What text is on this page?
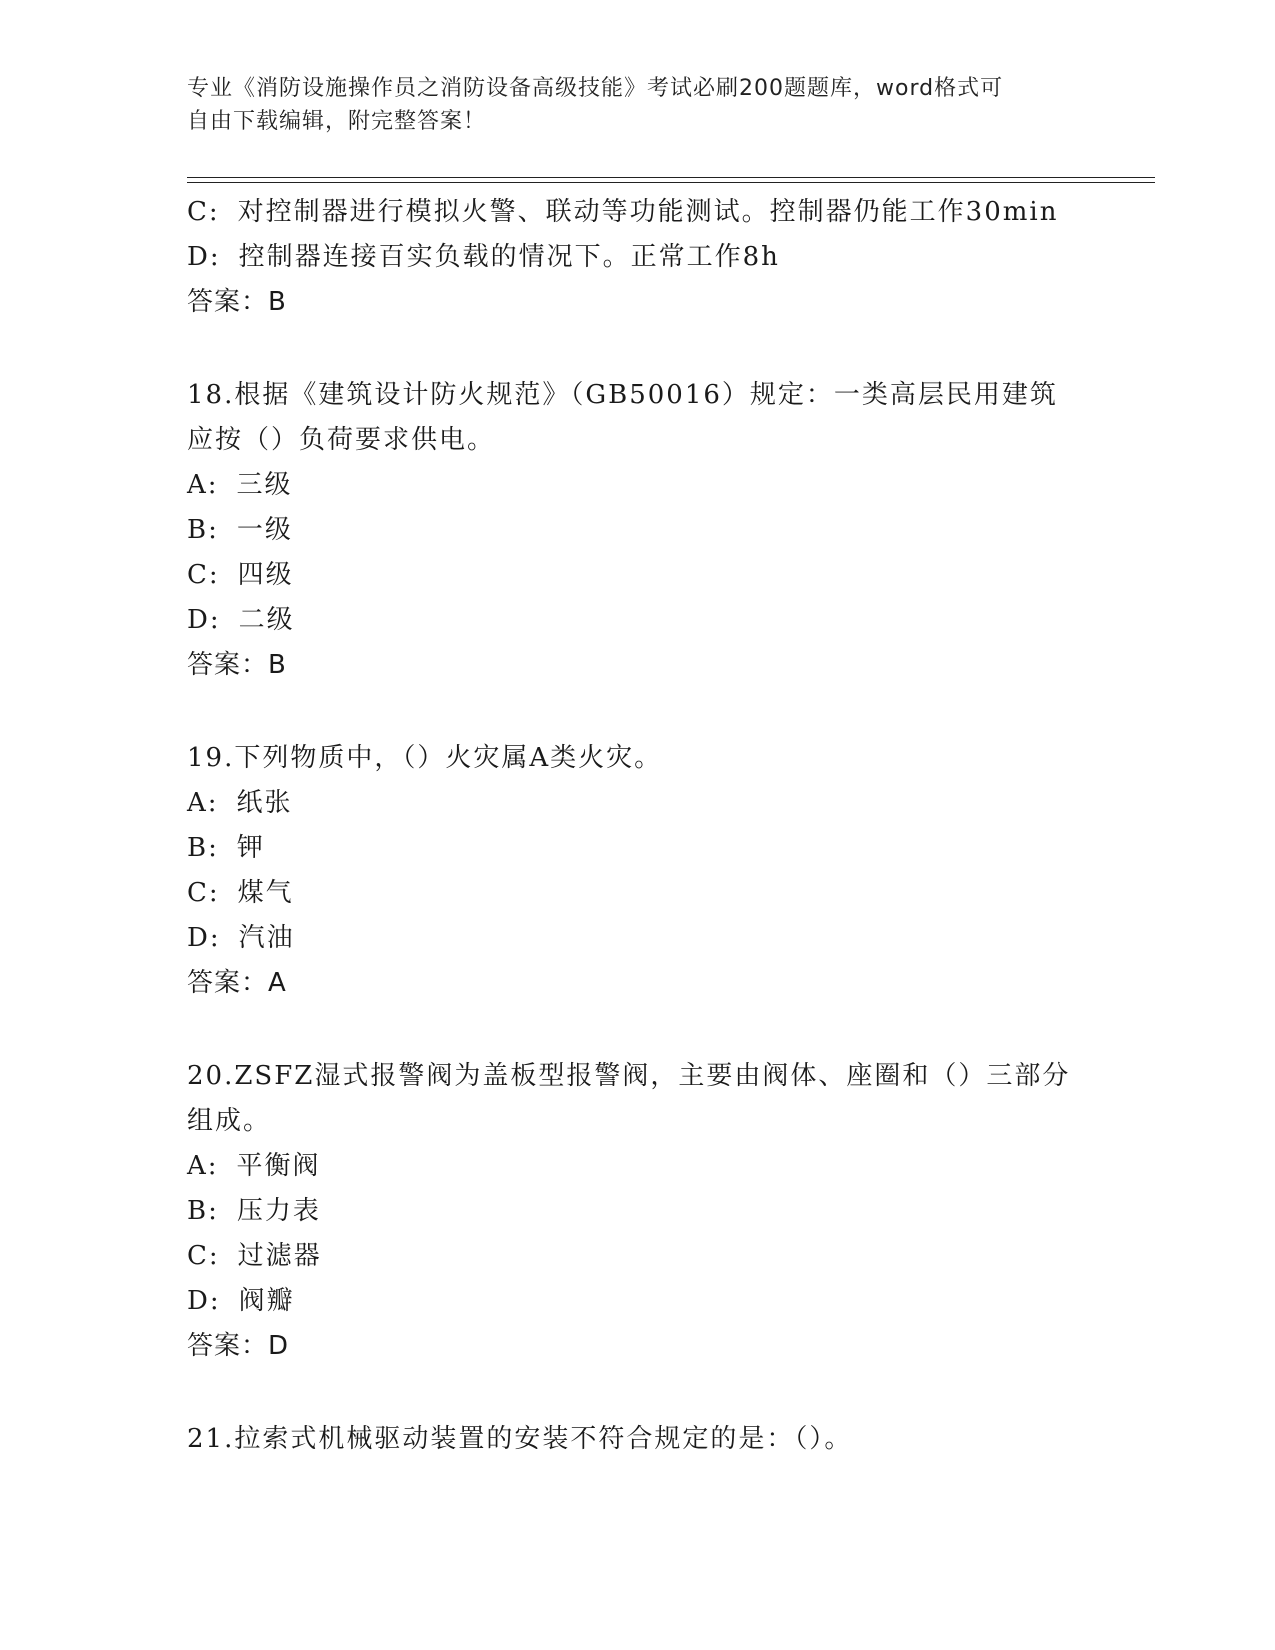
专业《消防设施操作员之消防设备高级技能》考试必刷200题题库，word格式可
自由下载编辑，附完整答案！
C: 对控制器进行模拟火警、联动等功能测试。控制器仍能工作30min
D: 控制器连接百实负载的情况下。正常工作8h
答案：B
18.根据《建筑设计防火规范》（GB50016）规定：一类高层民用建筑
应按（）负荷要求供电。
A: 三级
B: 一级
C: 四级
D: 二级
答案：B
19.下列物质中，（）火灾属A类火灾。
A: 纸张
B: 钾
C: 煤气
D: 汽油
答案：A
20.ZSFZ湿式报警阀为盖板型报警阀，主要由阀体、座圈和（）三部分
组成。
A: 平衡阀
B: 压力表
C: 过滤器
D: 阀瓣
答案：D
21.拉索式机械驱动装置的安装不符合规定的是：（）。
